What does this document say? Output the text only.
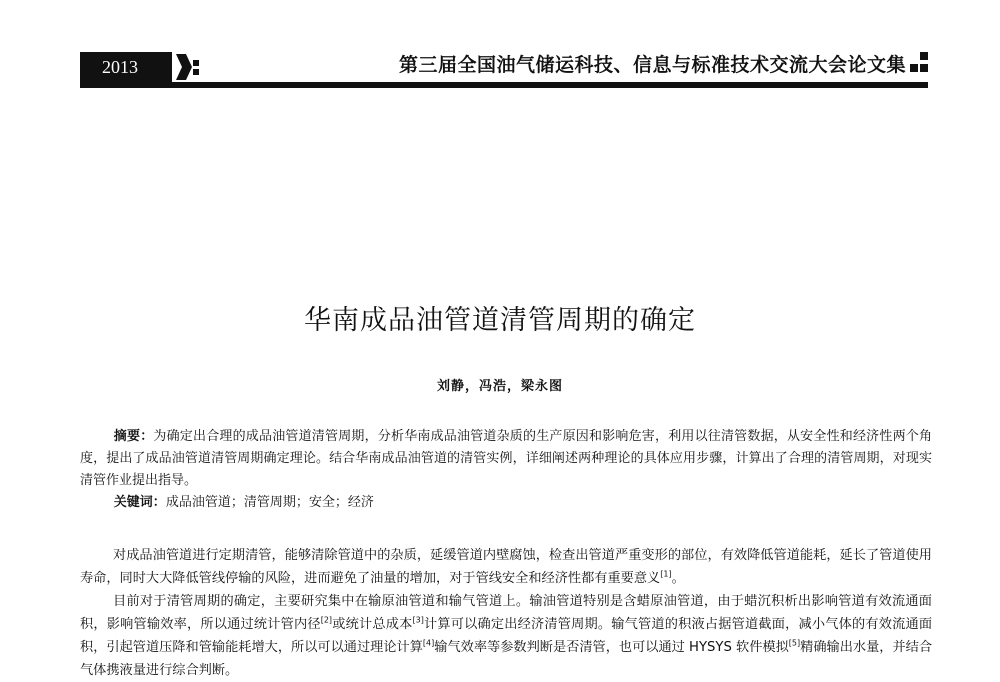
2013	第三届全国油气储运科技、信息与标准技术交流大会论文集
华南成品油管道清管周期的确定
刘静，冯浩，梁永图

摘要：为确定出合理的成品油管道清管周期，分析华南成品油管道杂质的生产原因和影响危害，利用以往清管数据，从安全性和经济性两个角度，提出了成品油管道清管周期确定理论。结合华南成品油管道的清管实例，详细阐述两种理论的具体应用步骤，计算出了合理的清管周期，对现实清管作业提出指导。

关键词：成品油管道；清管周期；安全；经济

对成品油管道进行定期清管，能够清除管道中的杂质，延缓管道内壁腐蚀，检查出管道严重变形的部位，有效降低管道能耗，延长了管道使用寿命，同时大大降低管线停输的风险，进而避免了油量的增加，对于管线安全和经济性都有重要意义[1]。

目前对于清管周期的确定，主要研究集中在输原油管道和输气管道上。输油管道特别是含蜡原油管道，由于蜡沉积析出影响管道有效流通面积，影响管输效率，所以通过统计管内径[2]或统计总成本[3]计算可以确定出经济清管周期。输气管道的积液占据管道截面，减小气体的有效流通面积，引起管道压降和管输能耗增大，所以可以通过理论计算[4]输气效率等参数判断是否清管，也可以通过 HYSYS 软件模拟[5]精确输出水量，并结合气体携液量进行综合判断。
